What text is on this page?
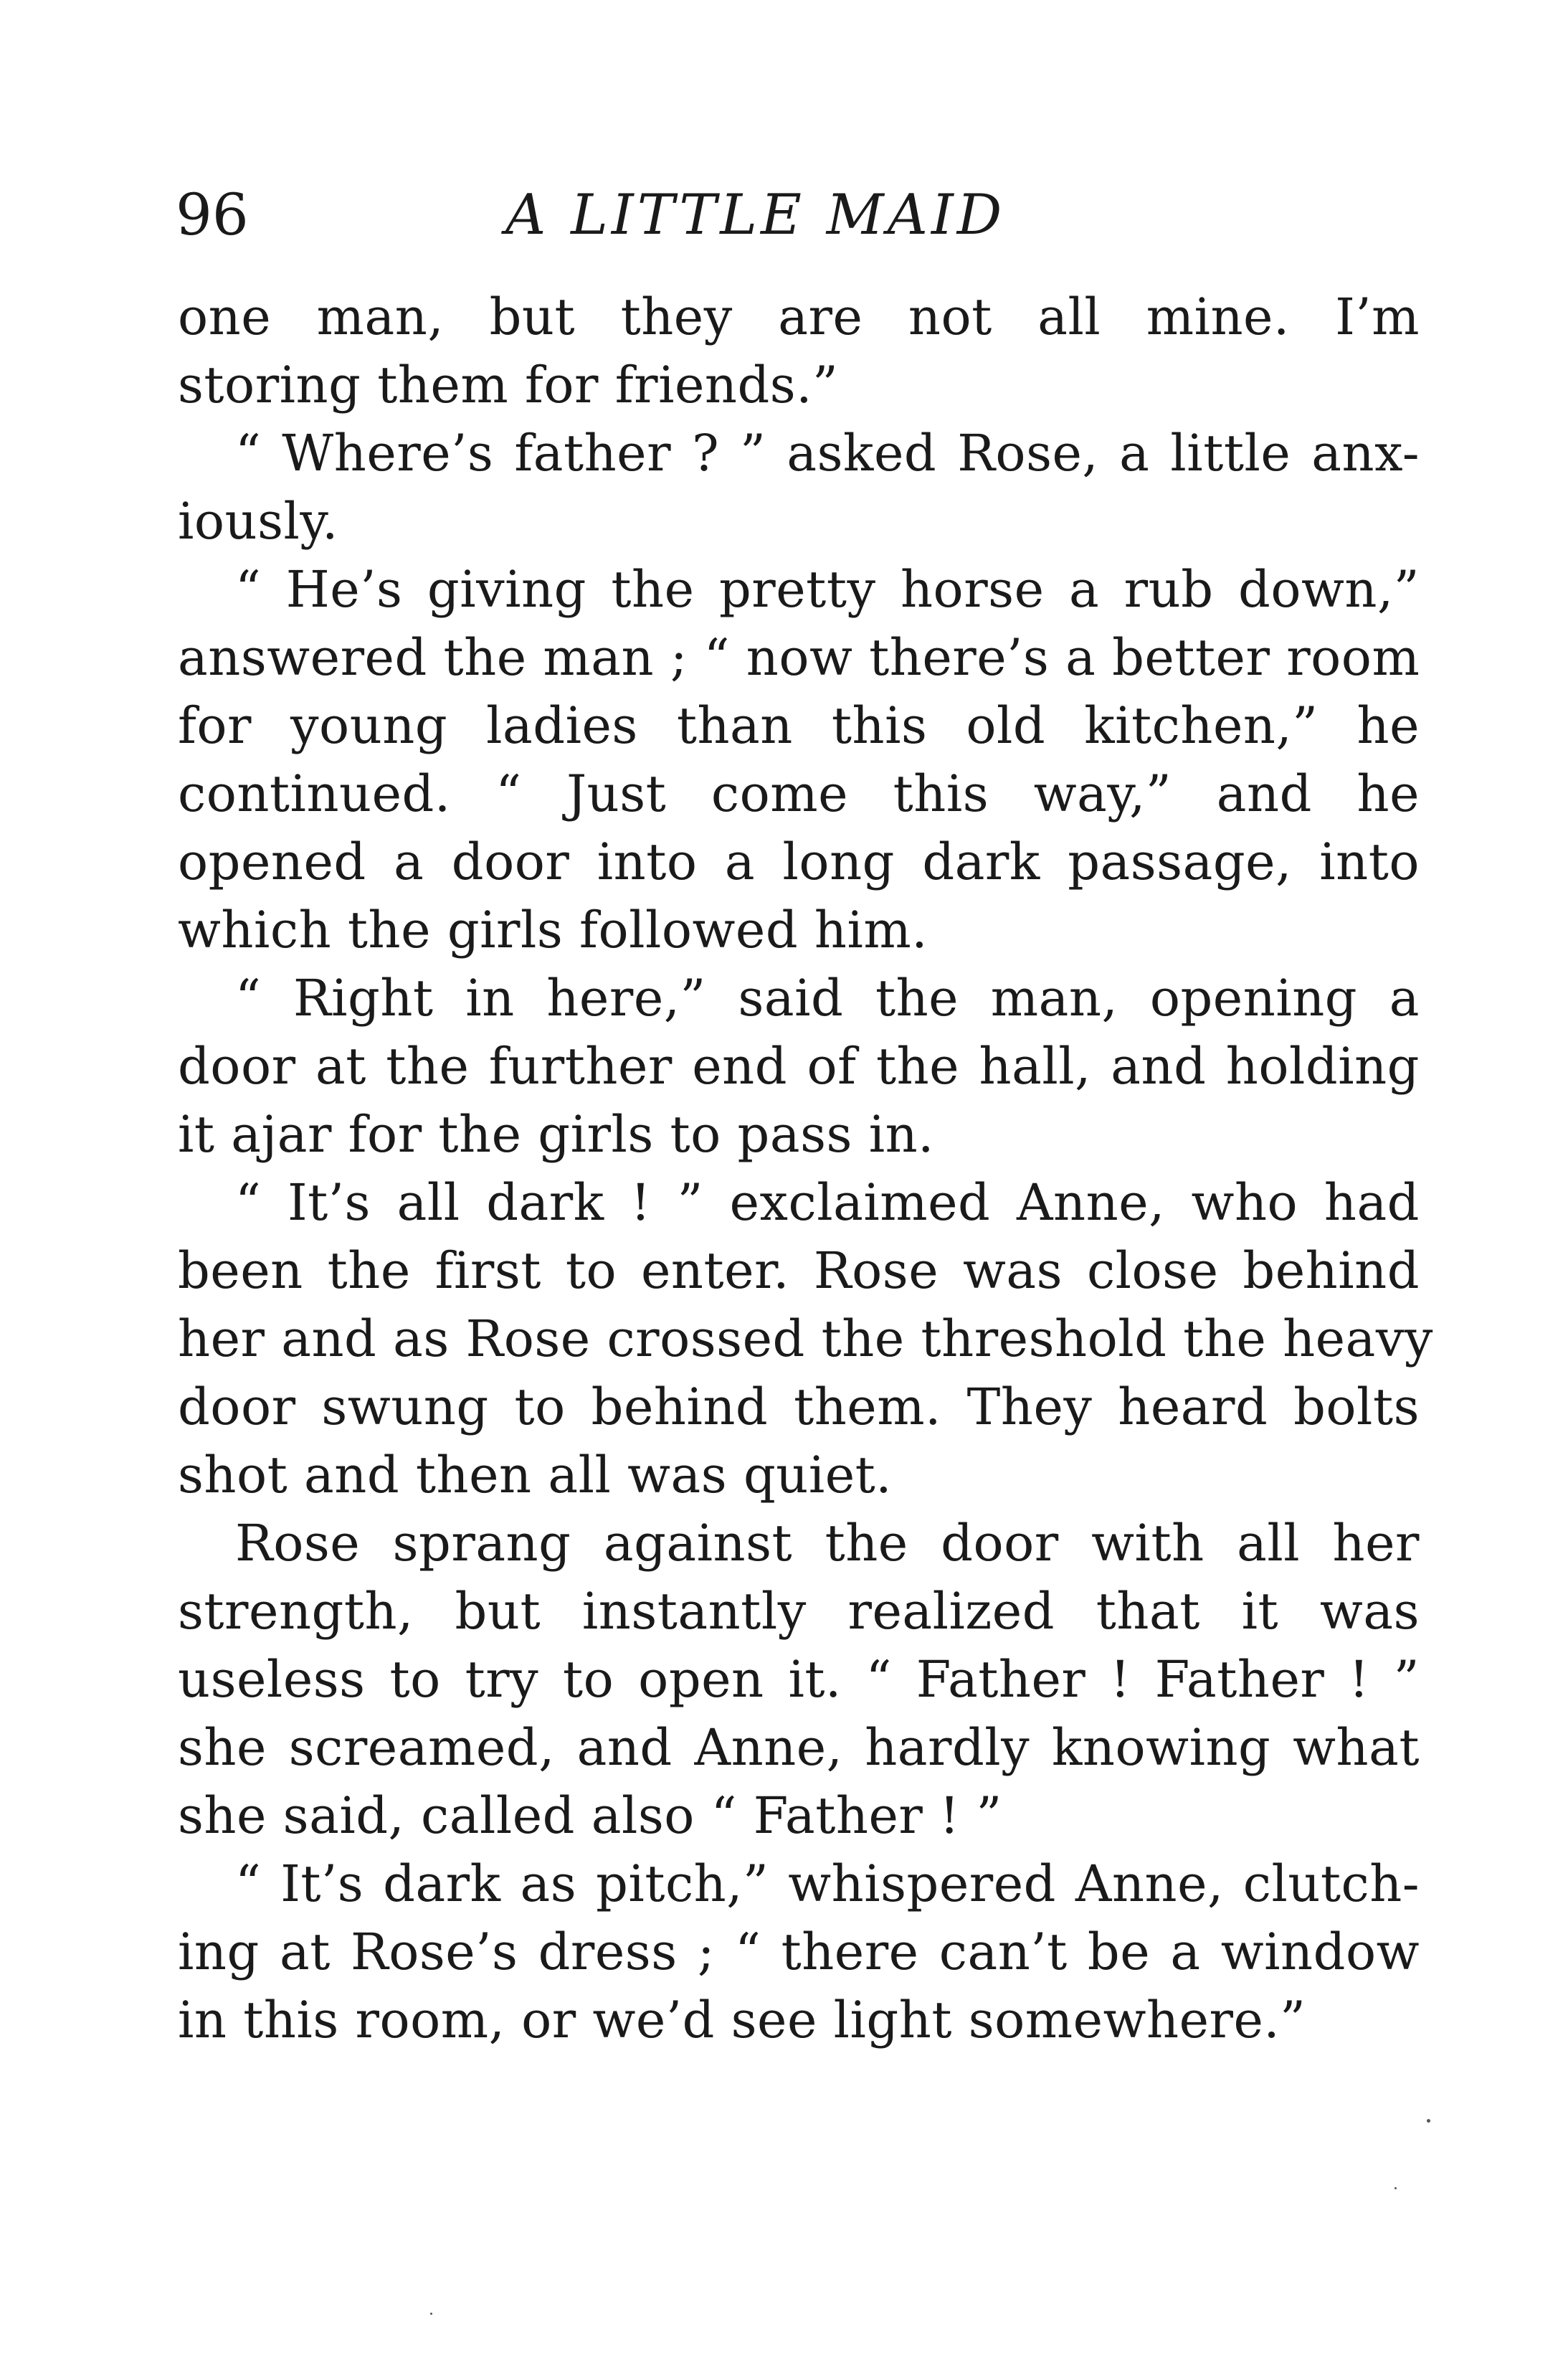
96	A LITTLE MAID
one man, but they are not all mine. I’m
storing them for friends.”
“ Where’s father ? ” asked Rose, a little anx-
iously.
“ He’s giving the pretty horse a rub down,”
answered the man ; “ now there’s a better room
for young ladies than this old kitchen,” he
continued. “ Just come this way,” and he
opened a door into a long dark passage, into
which the girls followed him.
“ Right in here,” said the man, opening a
door at the further end of the hall, and holding
it ajar for the girls to pass in.
“ It’s all dark ! ” exclaimed Anne, who had
been the first to enter. Rose was close behind
her and as Rose crossed the threshold the heavy
door swung to behind them. They heard bolts
shot and then all was quiet.
Rose sprang against the door with all her
strength, but instantly realized that it was
useless to try to open it. “ Father ! Father ! ”
she screamed, and Anne, hardly knowing what
she said, called also “ Father ! ”
“ It’s dark as pitch,” whispered Anne, clutch-
ing at Rose’s dress ; “ there can’t be a window
in this room, or we’d see light somewhere.”
